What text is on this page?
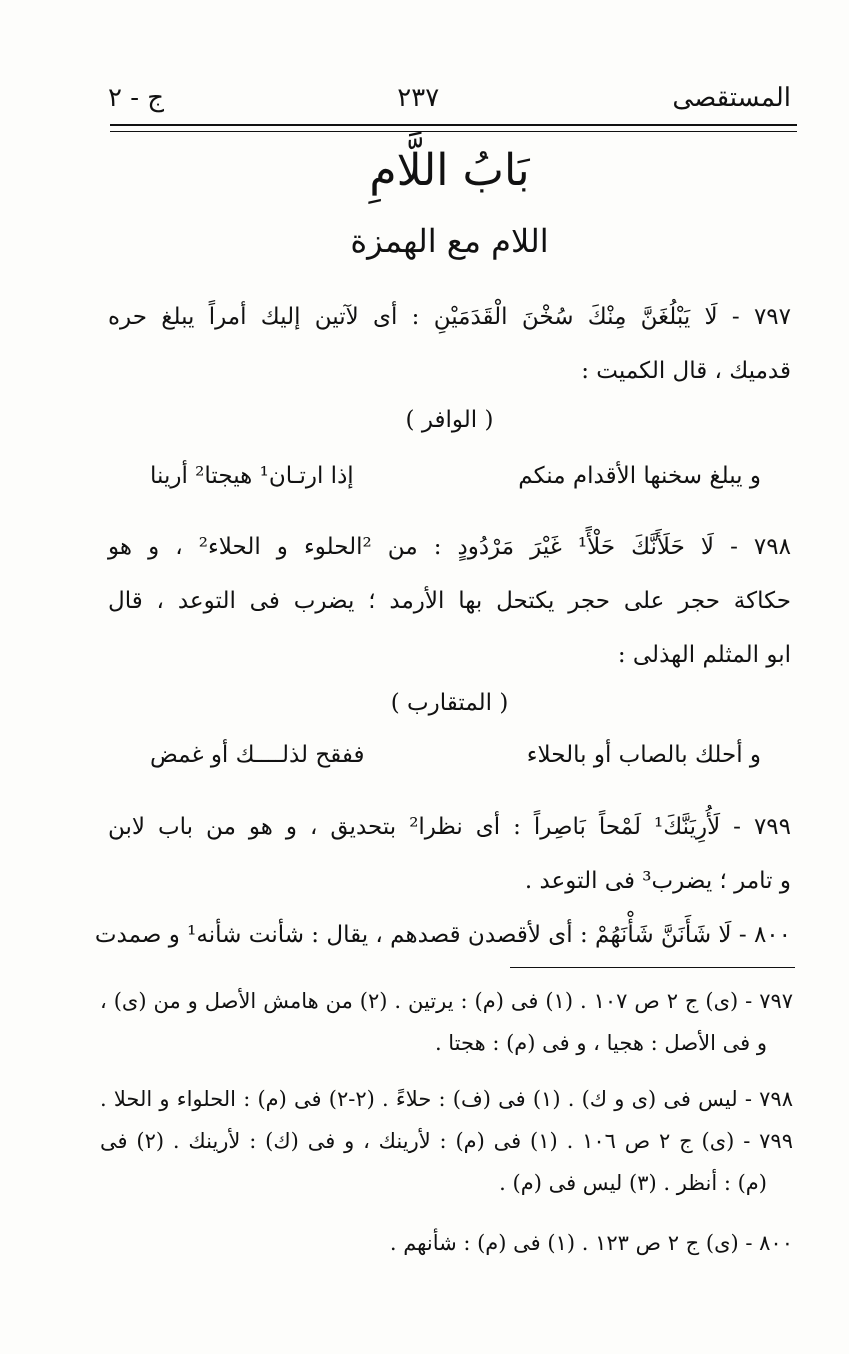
المستقصى
٢٣٧
ج - ٢
بَابُ اللَّامِ
اللام مع الهمزة
٧٩٧ - لَا يَبْلُغَنَّ مِنْكَ سُخْنَ الْقَدَمَيْنِ : أى لآتين إليك أمراً يبلغ حره
قدميك ، قال الكميت :
( الوافر )
و يبلغ سخنها الأقدام منكم
إذا ارتـان¹ هيجتا² أرينا
٧٩٨ - لَا حَلَأَنَّكَ حَلْأً¹ غَيْرَ مَرْدُودٍ : من ²الحلوء و الحلاء² ، و هو
حكاكة حجر على حجر يكتحل بها الأرمد ؛ يضرب فى التوعد ، قال
ابو المثلم الهذلى :
( المتقارب )
و أحلك بالصاب أو بالحلاء
ففقح لذلــــك أو غمض
٧٩٩ - لَأُرِيَنَّكَ¹ لَمْحاً بَاصِراً : أى نظرا² بتحديق ، و هو من باب لابن
و تامر ؛ يضرب³ فى التوعد .
٨٠٠ - لَا شَأَنَنَّ شَأْنَهُمْ : أى لأقصدن قصدهم ، يقال : شأنت شأنه¹ و صمدت
٧٩٧ - (ى) ج ٢ ص ١٠٧ . (١) فى (م) : يرتين . (٢) من هامش الأصل و من (ى) ،
و فى الأصل : هجيا ، و فى (م) : هجتا .
٧٩٨ - ليس فى (ى و ك) . (١) فى (ف) : حلاءً . (٢-٢) فى (م) : الحلواء و الحلا .
٧٩٩ - (ى) ج ٢ ص ١٠٦ . (١) فى (م) : لأرينك ، و فى (ك) : لأرينك . (٢) فى
(م) : أنظر . (٣) ليس فى (م) .
٨٠٠ - (ى) ج ٢ ص ١٢٣ . (١) فى (م) : شأنهم .
